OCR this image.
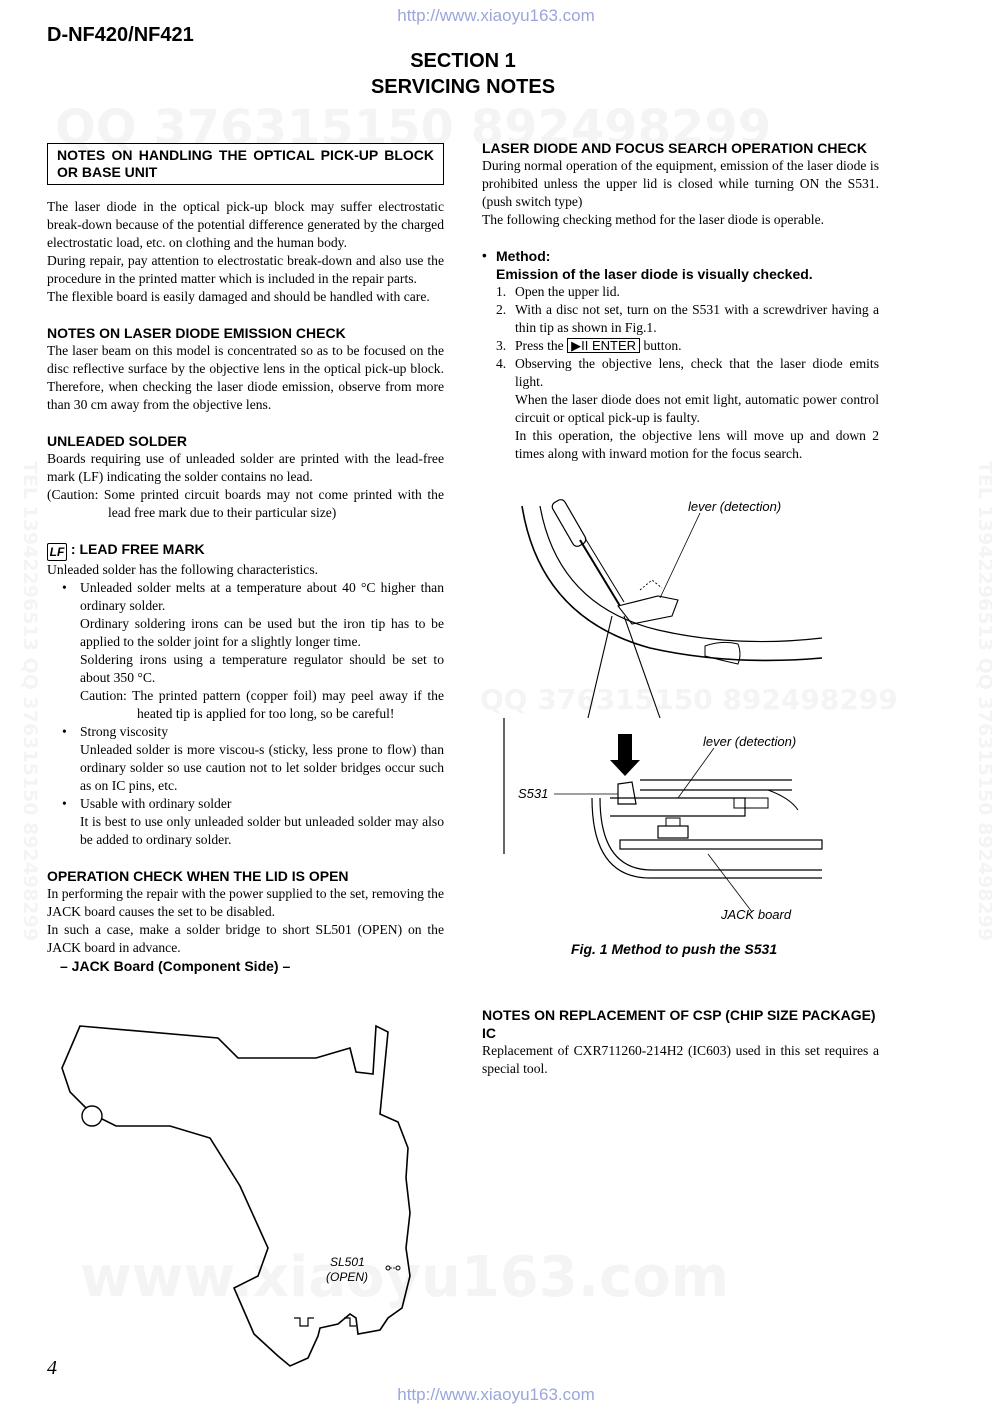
http://www.xiaoyu163.com
D-NF420/NF421
SECTION 1
SERVICING NOTES
NOTES ON HANDLING THE OPTICAL PICK-UP BLOCK OR BASE UNIT

The laser diode in the optical pick-up block may suffer electrostatic break-down because of the potential difference generated by the charged electrostatic load, etc. on clothing and the human body.

During repair, pay attention to electrostatic break-down and also use the procedure in the printed matter which is included in the repair parts.

The flexible board is easily damaged and should be handled with care.

NOTES ON LASER DIODE EMISSION CHECK

The laser beam on this model is concentrated so as to be focused on the disc reflective surface by the objective lens in the optical pick-up block. Therefore, when checking the laser diode emission, observe from more than 30 cm away from the objective lens.

UNLEADED SOLDER

Boards requiring use of unleaded solder are printed with the lead-free mark (LF) indicating the solder contains no lead.

(Caution: Some printed circuit boards may not come printed with the lead free mark due to their particular size)

LF : LEAD FREE MARK

Unleaded solder has the following characteristics.

• Unleaded solder melts at a temperature about 40 °C higher than ordinary solder.
Ordinary soldering irons can be used but the iron tip has to be applied to the solder joint for a slightly longer time.
Soldering irons using a temperature regulator should be set to about 350 °C.
Caution: The printed pattern (copper foil) may peel away if the heated tip is applied for too long, so be careful!
• Strong viscosity
Unleaded solder is more viscou-s (sticky, less prone to flow) than ordinary solder so use caution not to let solder bridges occur such as on IC pins, etc.
• Usable with ordinary solder
It is best to use only unleaded solder but unleaded solder may also be added to ordinary solder.
OPERATION CHECK WHEN THE LID IS OPEN

In performing the repair with the power supplied to the set, removing the JACK board causes the set to be disabled.

In such a case, make a solder bridge to short SL501 (OPEN) on the JACK board in advance.

– JACK Board (Component Side) –
SL501
(OPEN)
LASER DIODE AND FOCUS SEARCH OPERATION CHECK

During normal operation of the equipment, emission of the laser diode is prohibited unless the upper lid is closed while turning ON the S531. (push switch type)

The following checking method for the laser diode is operable.

• Method:
Emission of the laser diode is visually checked.
1. Open the upper lid.
2. With a disc not set, turn on the S531 with a screwdriver having a thin tip as shown in Fig.1.
3. Press the ▶II ENTER button.
4. Observing the objective lens, check that the laser diode emits light.
When the laser diode does not emit light, automatic power control circuit or optical pick-up is faulty.
In this operation, the objective lens will move up and down 2 times along with inward motion for the focus search.
lever (detection)
lever (detection)
S531
JACK board
Fig. 1 Method to push the S531
NOTES ON REPLACEMENT OF CSP (CHIP SIZE PACKAGE) IC

Replacement of CXR711260-214H2 (IC603) used in this set requires a special tool.

4
http://www.xiaoyu163.com
